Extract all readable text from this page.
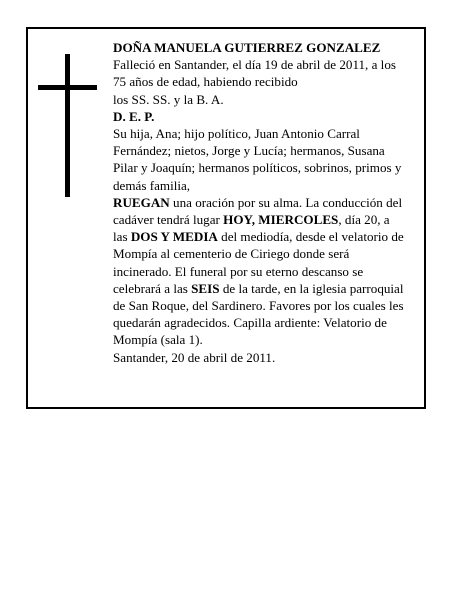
DOÑA MANUELA GUTIERREZ GONZALEZ
Falleció en Santander, el día 19 de abril de 2011, a los
75 años de edad, habiendo recibido
los SS. SS. y la B. A.
D. E. P.
Su hija, Ana; hijo político, Juan Antonio Carral
Fernández; nietos, Jorge y Lucía; hermanos, Susana
Pilar y Joaquín; hermanos políticos, sobrinos, primos y
demás familia,
RUEGAN una oración por su alma. La conducción del
cadáver tendrá lugar HOY, MIERCOLES, día 20, a
las DOS Y MEDIA del mediodía, desde el velatorio de
Mompía al cementerio de Ciriego donde será
incinerado. El funeral por su eterno descanso se
celebrará a las SEIS de la tarde, en la iglesia parroquial
de San Roque, del Sardinero. Favores por los cuales les
quedarán agradecidos. Capilla ardiente: Velatorio de
Mompía (sala 1).
Santander, 20 de abril de 2011.
